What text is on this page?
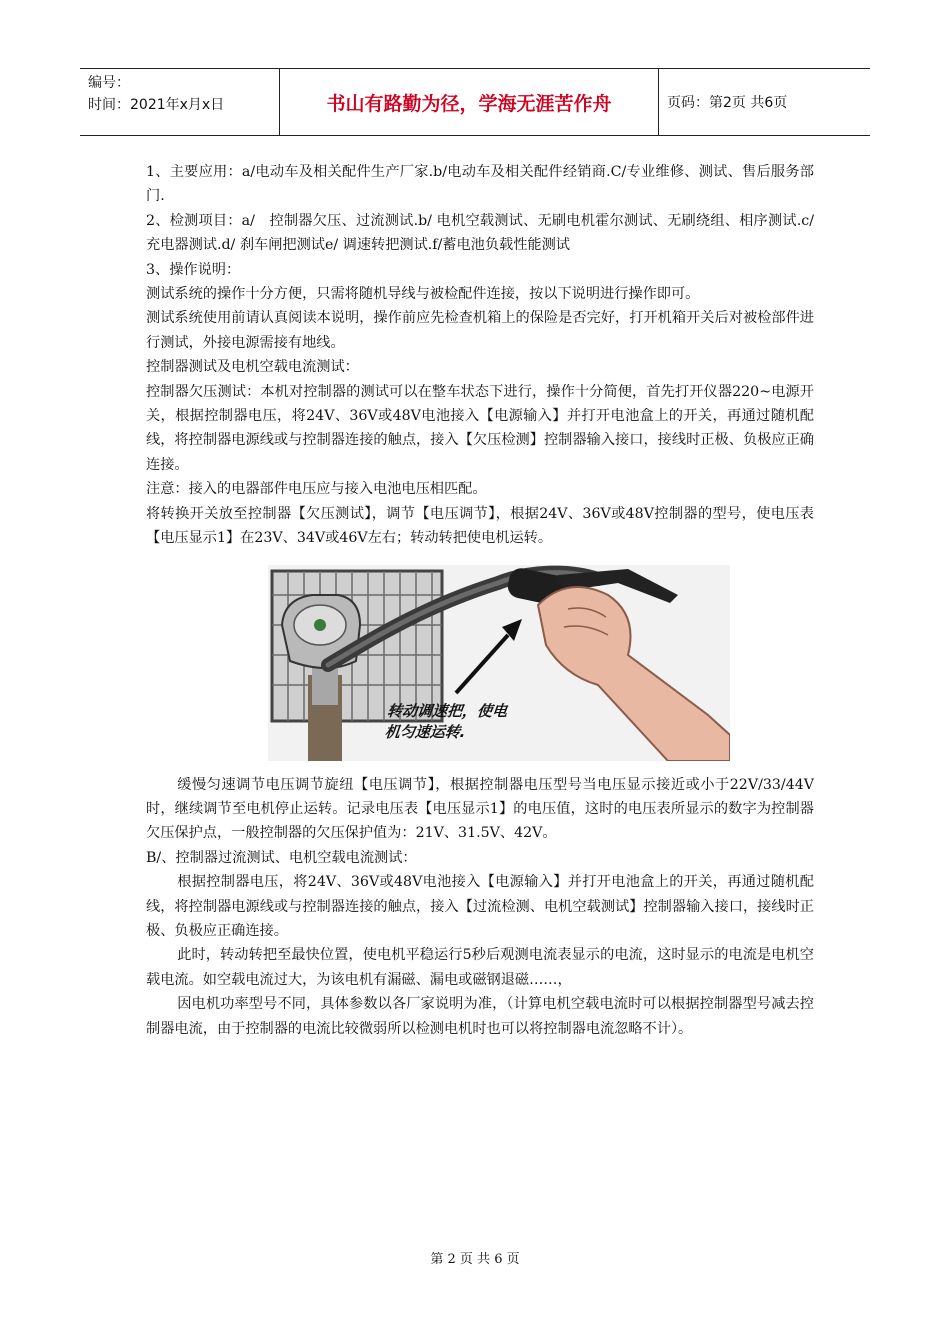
编号：
时间：2021年x月x日	书山有路勤为径，学海无涯苦作舟	页码：第2页 共6页

1、主要应用：a/电动车及相关配件生产厂家.b/电动车及相关配件经销商.C/专业维修、测试、售后服务部门.

2、检测项目：a/　控制器欠压、过流测试.b/ 电机空载测试、无刷电机霍尔测试、无刷绕组、相序测试.c/ 充电器测试.d/ 刹车闸把测试e/ 调速转把测试.f/蓄电池负载性能测试

3、操作说明：

测试系统的操作十分方便，只需将随机导线与被检配件连接，按以下说明进行操作即可。

测试系统使用前请认真阅读本说明，操作前应先检查机箱上的保险是否完好，打开机箱开关后对被检部件进行测试，外接电源需接有地线。

控制器测试及电机空载电流测试：

控制器欠压测试：本机对控制器的测试可以在整车状态下进行，操作十分简便，首先打开仪器220~电源开关，根据控制器电压，将24V、36V或48V电池接入【电源输入】并打开电池盒上的开关，再通过随机配线，将控制器电源线或与控制器连接的触点，接入【欠压检测】控制器输入接口，接线时正极、负极应正确连接。

注意：接入的电器部件电压应与接入电池电压相匹配。

将转换开关放至控制器【欠压测试】，调节【电压调节】，根据24V、36V或48V控制器的型号，使电压表【电压显示1】在23V、34V或46V左右；转动转把使电机运转。

转动调速把，使电
机匀速运转.

缓慢匀速调节电压调节旋纽【电压调节】，根据控制器电压型号当电压显示接近或小于22V/33/44V时，继续调节至电机停止运转。记录电压表【电压显示1】的电压值，这时的电压表所显示的数字为控制器欠压保护点，一般控制器的欠压保护值为：21V、31.5V、42V。

B/、控制器过流测试、电机空载电流测试：

根据控制器电压，将24V、36V或48V电池接入【电源输入】并打开电池盒上的开关，再通过随机配线，将控制器电源线或与控制器连接的触点，接入【过流检测、电机空载测试】控制器输入接口，接线时正极、负极应正确连接。

此时，转动转把至最快位置，使电机平稳运行5秒后观测电流表显示的电流，这时显示的电流是电机空载电流。如空载电流过大，为该电机有漏磁、漏电或磁钢退磁……，

因电机功率型号不同，具体参数以各厂家说明为准，（计算电机空载电流时可以根据控制器型号减去控制器电流，由于控制器的电流比较微弱所以检测电机时也可以将控制器电流忽略不计）。

第 2 页 共 6 页
